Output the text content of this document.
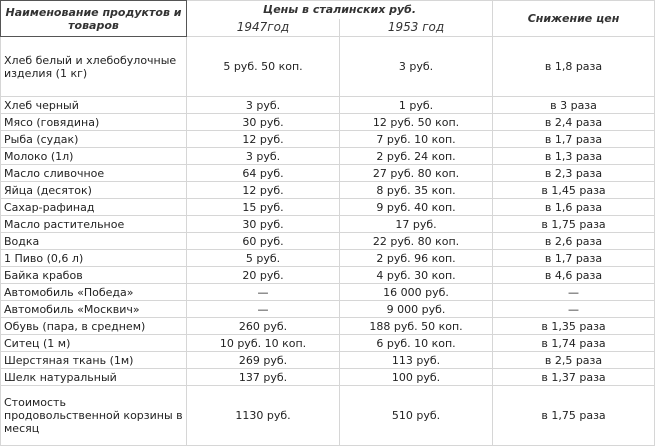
Наименование продуктов и товаров	Цены в сталинских руб.		Снижение цен
	1947год	1953 год	
Хлеб белый и хлебобулочные изделия (1 кг)	5 руб. 50 коп.	3 руб.	в 1,8 раза
Хлеб черный	3 руб.	1 руб.	в 3 раза
Мясо (говядина)	30 руб.	12 руб. 50 коп.	в 2,4 раза
Рыба (судак)	12 руб.	7 руб. 10 коп.	в 1,7 раза
Молоко (1л)	3 руб.	2 руб. 24 коп.	в 1,3 раза
Масло сливочное	64 руб.	27 руб. 80 коп.	в 2,3 раза
Яйца (десяток)	12 руб.	8 руб. 35 коп.	в 1,45 раза
Сахар-рафинад	15 руб.	9 руб. 40 коп.	в 1,6 раза
Масло растительное	30 руб.	17 руб.	в 1,75 раза
Водка	60 руб.	22 руб. 80 коп.	в 2,6 раза
1 Пиво (0,6 л)	5 руб.	2 руб. 96 коп.	в 1,7 раза
Байка крабов	20 руб.	4 руб. 30 коп.	в 4,6 раза
Автомобиль «Победа»	—	16 000 руб.	—
Автомобиль «Москвич»	—	9 000 руб.	—
Обувь (пара, в среднем)	260 руб.	188 руб. 50 коп.	в 1,35 раза
Ситец (1 м)	10 руб. 10 коп.	6 руб. 10 коп.	в 1,74 раза
Шерстяная ткань (1м)	269 руб.	113 руб.	в 2,5 раза
Шелк натуральный	137 руб.	100 руб.	в 1,37 раза
Стоимость продовольственной корзины в месяц	1130 руб.	510 руб.	в 1,75 раза
